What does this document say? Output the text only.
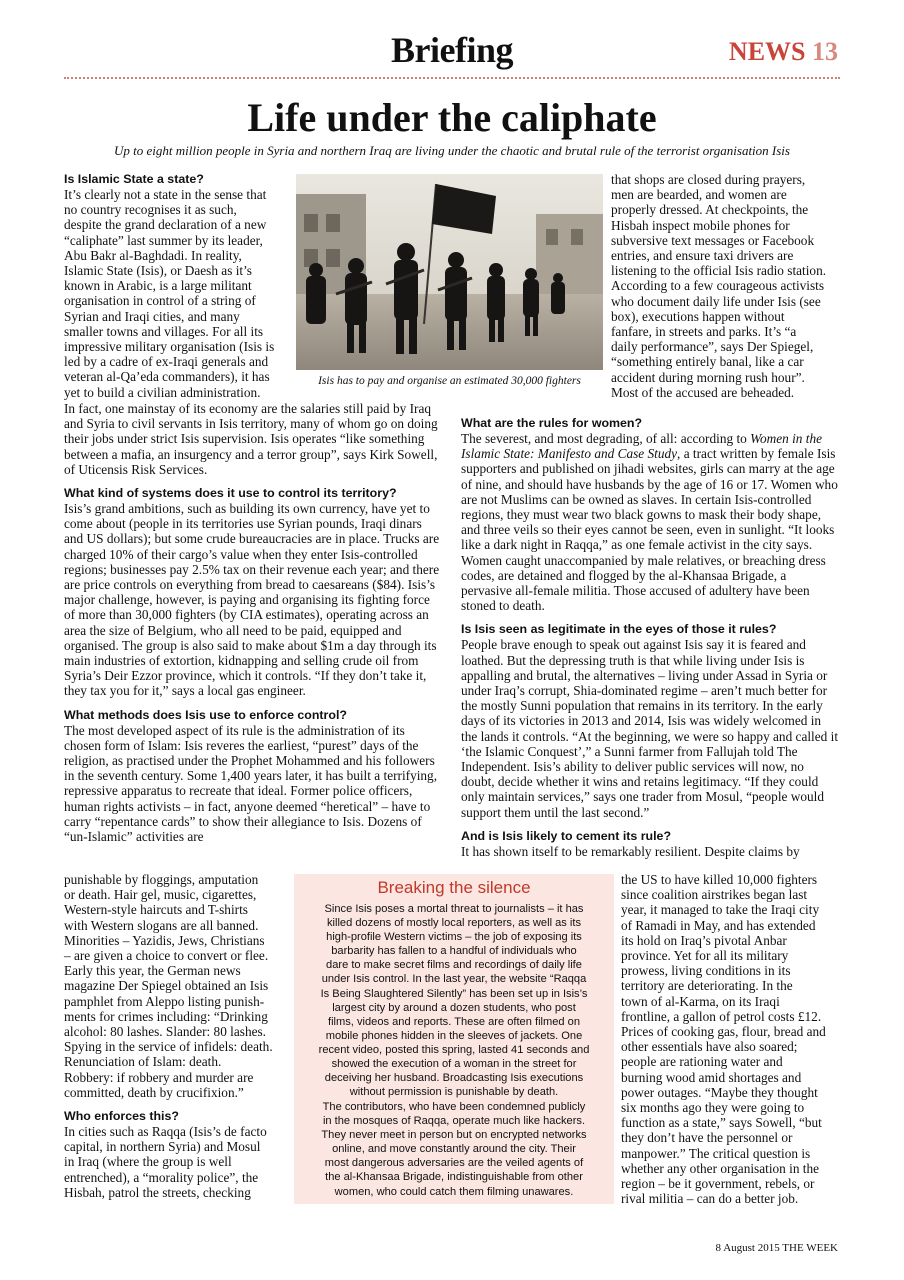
Briefing	NEWS 13
Life under the caliphate
Up to eight million people in Syria and northern Iraq are living under the chaotic and brutal rule of the terrorist organisation Isis
Isis has to pay and organise an estimated 30,000 fighters
Is Islamic State a state?
It’s clearly not a state in the sense that
no country recognises it as such,
despite the grand declaration of a new
“caliphate” last summer by its leader,
Abu Bakr al-Baghdadi. In reality,
Islamic State (Isis), or Daesh as it’s
known in Arabic, is a large militant
organisation in control of a string of
Syrian and Iraqi cities, and many
smaller towns and villages. For all its
impressive military organisation (Isis is
led by a cadre of ex-Iraqi generals and
veteran al-Qa’eda commanders), it has
yet to build a civilian administration.

In fact, one mainstay of its economy are the salaries still paid by Iraq and Syria to civil servants in Isis territory, many of whom go on doing their jobs under strict Isis supervision. Isis operates “like something between a mafia, an insurgency and a terror group”, says Kirk Sowell, of Uticensis Risk Services.

What kind of systems does it use to control its territory?

Isis’s grand ambitions, such as building its own currency, have yet to come about (people in its territories use Syrian pounds, Iraqi dinars and US dollars); but some crude bureaucracies are in place. Trucks are charged 10% of their cargo’s value when they enter Isis-controlled regions; businesses pay 2.5% tax on their revenue each year; and there are price controls on everything from bread to caesareans ($84). Isis’s major challenge, however, is paying and organising its fighting force of more than 30,000 fighters (by CIA estimates), operating across an area the size of Belgium, who all need to be paid, equipped and organised. The group is also said to make about $1m a day through its main industries of extortion, kidnapping and selling crude oil from Syria’s Deir Ezzor province, which it controls. “If they don’t take it, they tax you for it,” says a local gas engineer.

What methods does Isis use to enforce control?

The most developed aspect of its rule is the administration of its chosen form of Islam: Isis reveres the earliest, “purest” days of the religion, as practised under the Prophet Mohammed and his followers in the seventh century. Some 1,400 years later, it has built a terrifying, repressive apparatus to recreate that ideal. Former police officers, human rights activists – in fact, anyone deemed “heretical” – have to carry “repentance cards” to show their allegiance to Isis. Dozens of “un-Islamic” activities are

punishable by floggings, amputation
or death. Hair gel, music, cigarettes,
Western-style haircuts and T-shirts
with Western slogans are all banned.
Minorities – Yazidis, Jews, Christians
– are given a choice to convert or flee.
Early this year, the German news
magazine Der Spiegel obtained an Isis
pamphlet from Aleppo listing punish-
ments for crimes including: “Drinking
alcohol: 80 lashes. Slander: 80 lashes.
Spying in the service of infidels: death.
Renunciation of Islam: death.
Robbery: if robbery and murder are
committed, death by crucifixion.”
Who enforces this?
In cities such as Raqqa (Isis’s de facto
capital, in northern Syria) and Mosul
in Iraq (where the group is well
entrenched), a “morality police”, the
Hisbah, patrol the streets, checking
that shops are closed during prayers,
men are bearded, and women are
properly dressed. At checkpoints, the
Hisbah inspect mobile phones for
subversive text messages or Facebook
entries, and ensure taxi drivers are
listening to the official Isis radio station.
According to a few courageous activists
who document daily life under Isis (see
box), executions happen without
fanfare, in streets and parks. It’s “a
daily performance”, says Der Spiegel,
“something entirely banal, like a car
accident during morning rush hour”.
Most of the accused are beheaded.
What are the rules for women?

The severest, and most degrading, of all: according to Women in the Islamic State: Manifesto and Case Study, a tract written by female Isis supporters and published on jihadi websites, girls can marry at the age of nine, and should have husbands by the age of 16 or 17. Women who are not Muslims can be owned as slaves. In certain Isis-controlled regions, they must wear two black gowns to mask their body shape, and three veils so their eyes cannot be seen, even in sunlight. “It looks like a dark night in Raqqa,” as one female activist in the city says. Women caught unaccompanied by male relatives, or breaching dress codes, are detained and flogged by the al-Khansaa Brigade, a pervasive all-female militia. Those accused of adultery have been stoned to death.

Is Isis seen as legitimate in the eyes of those it rules?

People brave enough to speak out against Isis say it is feared and loathed. But the depressing truth is that while living under Isis is appalling and brutal, the alternatives – living under Assad in Syria or under Iraq’s corrupt, Shia-dominated regime – aren’t much better for the mostly Sunni population that remains in its territory. In the early days of its victories in 2013 and 2014, Isis was widely welcomed in the lands it controls. “At the beginning, we were so happy and called it ‘the Islamic Conquest’,” a Sunni farmer from Fallujah told The Independent. Isis’s ability to deliver public services will now, no doubt, decide whether it wins and retains legitimacy. “If they could only maintain services,” says one trader from Mosul, “people would support them until the last second.”

And is Isis likely to cement its rule?
It has shown itself to be remarkably resilient. Despite claims by
the US to have killed 10,000 fighters
since coalition airstrikes began last
year, it managed to take the Iraqi city
of Ramadi in May, and has extended
its hold on Iraq’s pivotal Anbar
province. Yet for all its military
prowess, living conditions in its
territory are deteriorating. In the
town of al-Karma, on its Iraqi
frontline, a gallon of petrol costs £12.
Prices of cooking gas, flour, bread and
other essentials have also soared;
people are rationing water and
burning wood amid shortages and
power outages. “Maybe they thought
six months ago they were going to
function as a state,” says Sowell, “but
they don’t have the personnel or
manpower.” The critical question is
whether any other organisation in the
region – be it government, rebels, or
rival militia – can do a better job.
Breaking the silence
Since Isis poses a mortal threat to journalists – it has
killed dozens of mostly local reporters, as well as its
high-profile Western victims – the job of exposing its
barbarity has fallen to a handful of individuals who
dare to make secret films and recordings of daily life
under Isis control. In the last year, the website “Raqqa
Is Being Slaughtered Silently” has been set up in Isis’s
largest city by around a dozen students, who post
films, videos and reports. These are often filmed on
mobile phones hidden in the sleeves of jackets. One
recent video, posted this spring, lasted 41 seconds and
showed the execution of a woman in the street for
deceiving her husband. Broadcasting Isis executions
without permission is punishable by death.
The contributors, who have been condemned publicly
in the mosques of Raqqa, operate much like hackers.
They never meet in person but on encrypted networks
online, and move constantly around the city. Their
most dangerous adversaries are the veiled agents of
the al-Khansaa Brigade, indistinguishable from other
women, who could catch them filming unawares.
8 August 2015 THE WEEK
